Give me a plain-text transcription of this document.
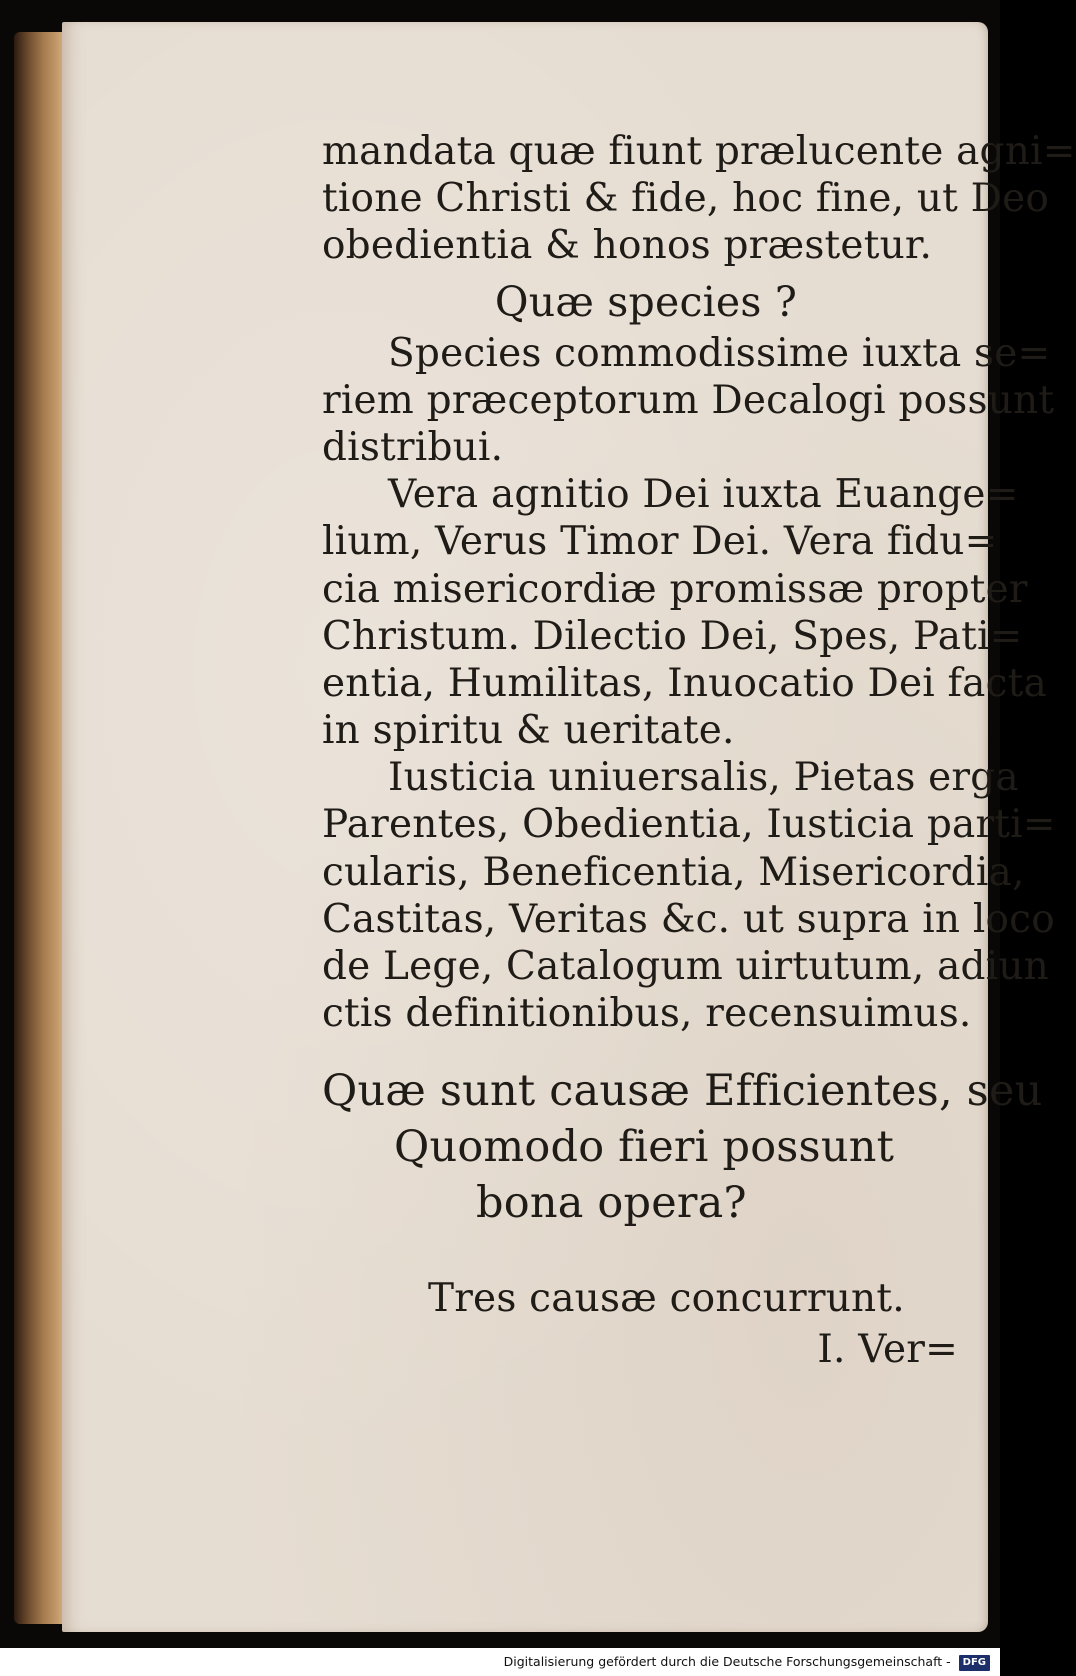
mandata quæ fiunt prælucente agni=
tione Christi & fide, hoc fine, ut Deo
obedientia & honos præstetur.
Quæ species ?
Species commodissime iuxta se=
riem præceptorum Decalogi possunt
distribui.
Vera agnitio Dei iuxta Euange=
lium, Verus Timor Dei. Vera fidu=
cia misericordiæ promissæ propter
Christum. Dilectio Dei, Spes, Pati=
entia, Humilitas, Inuocatio Dei facta
in spiritu & ueritate.
Iusticia uniuersalis, Pietas erga
Parentes, Obedientia, Iusticia parti=
cularis, Beneficentia, Misericordia,
Castitas, Veritas &c. ut supra in loco
de Lege, Catalogum uirtutum, adiun
ctis definitionibus, recensuimus.
Quæ sunt causæ Efficientes, seu
Quomodo fieri possunt
bona opera?
Tres causæ concurrunt.
I. Ver=
Digitalisierung gefördert durch die Deutsche Forschungsgemeinschaft - DFG
